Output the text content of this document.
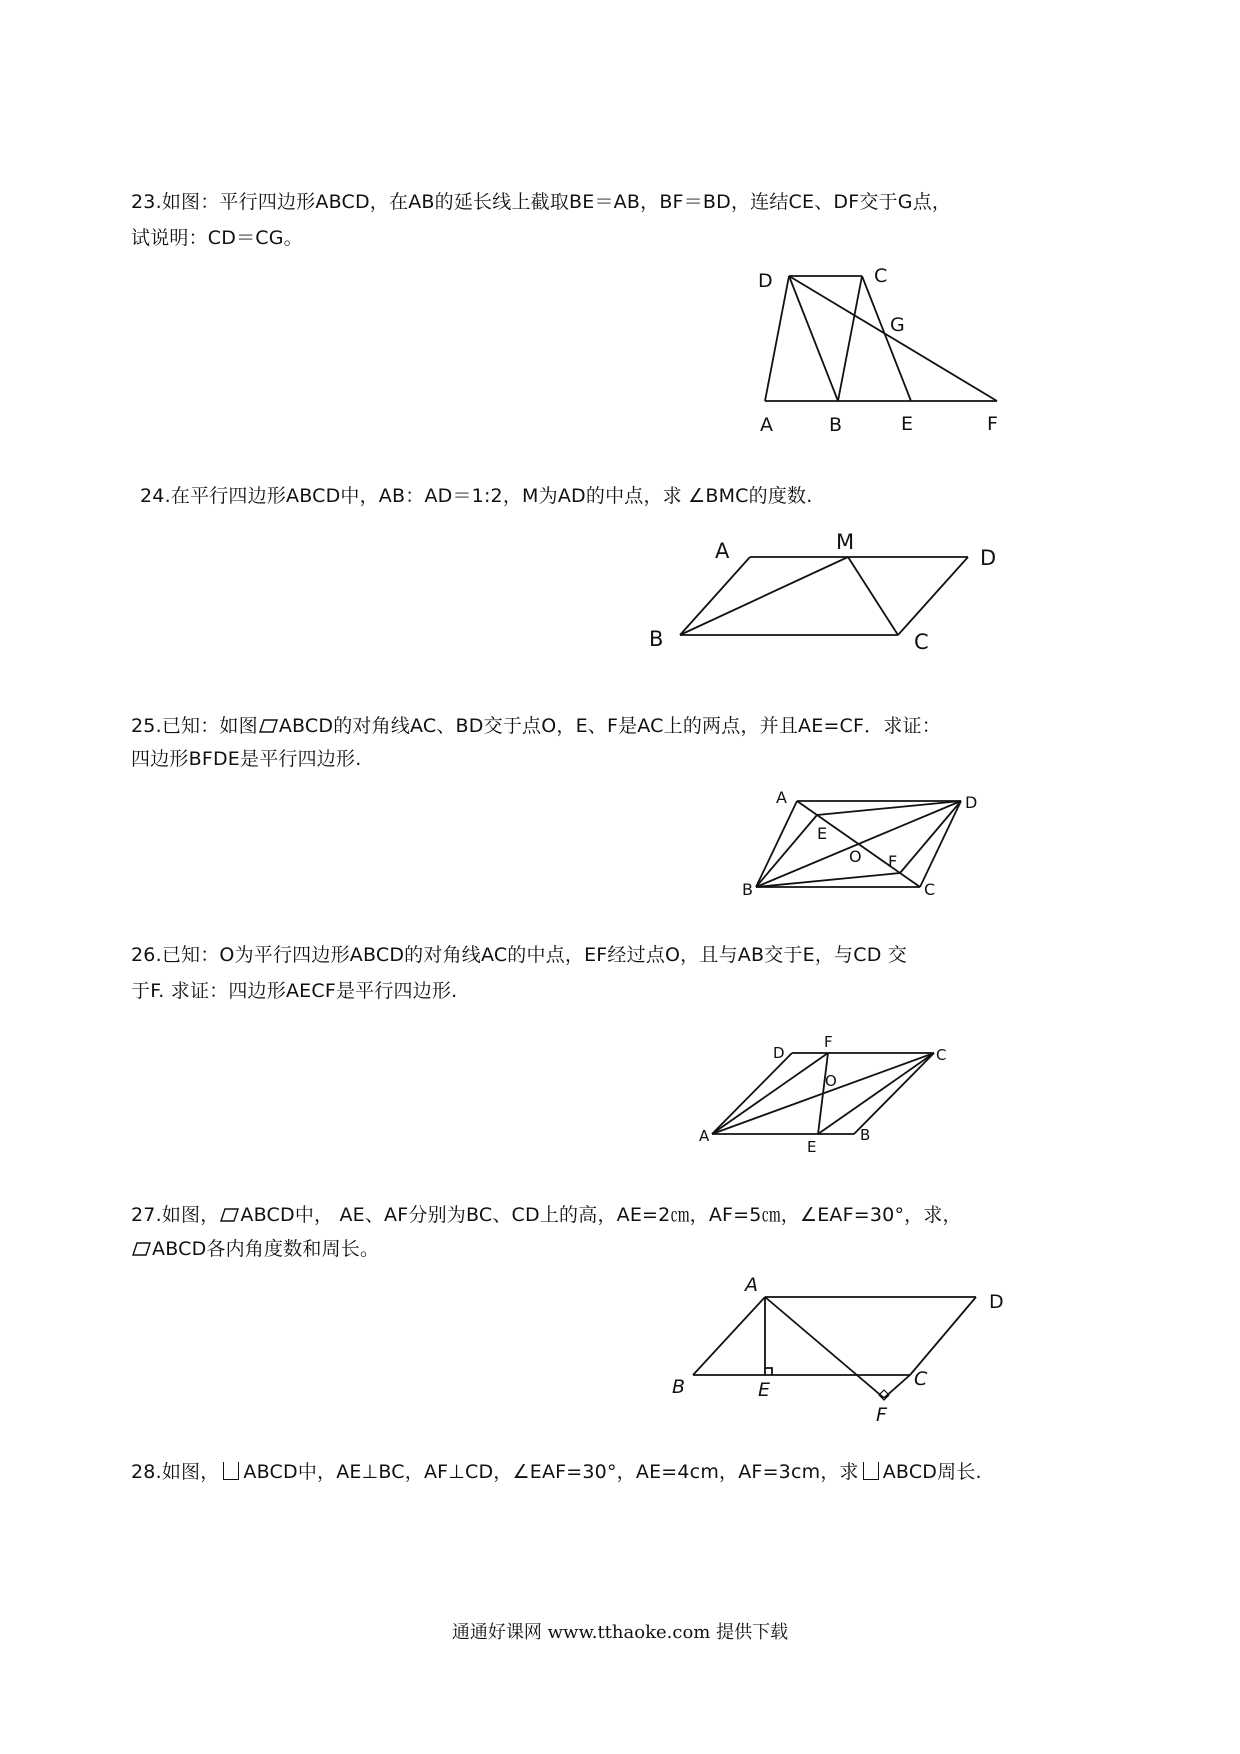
23.如图：平行四边形ABCD，在AB的延长线上截取BE＝AB，BF＝BD，连结CE、DF交于G点，
试说明：CD＝CG。
D	C
G
A	B	E	F
24.在平行四边形ABCD中，AB：AD＝1:2，M为AD的中点，求 ∠BMC的度数.
A	M
D
B	C
25.已知：如图 ABCD的对角线AC、BD交于点O，E、F是AC上的两点，并且AE=CF．求证：
四边形BFDE是平行四边形.
A	D
E
O F
B	C
26.已知：O为平行四边形ABCD的对角线AC的中点，EF经过点O，且与AB交于E，与CD 交
于F. 求证：四边形AECF是平行四边形.
D
F
C
O
A
E
B
27.如图， ABCD中， AE、AF分别为BC、CD上的高，AE=2㎝，AF=5㎝，∠EAF=30°，求，
ABCD各内角度数和周长。
A
D
B	E	C
F
28.如图， ABCD中，AE⊥BC，AF⊥CD，∠EAF=30°，AE=4cm，AF=3cm，求 ABCD周长.
通通好课网 www.tthaoke.com 提供下载
